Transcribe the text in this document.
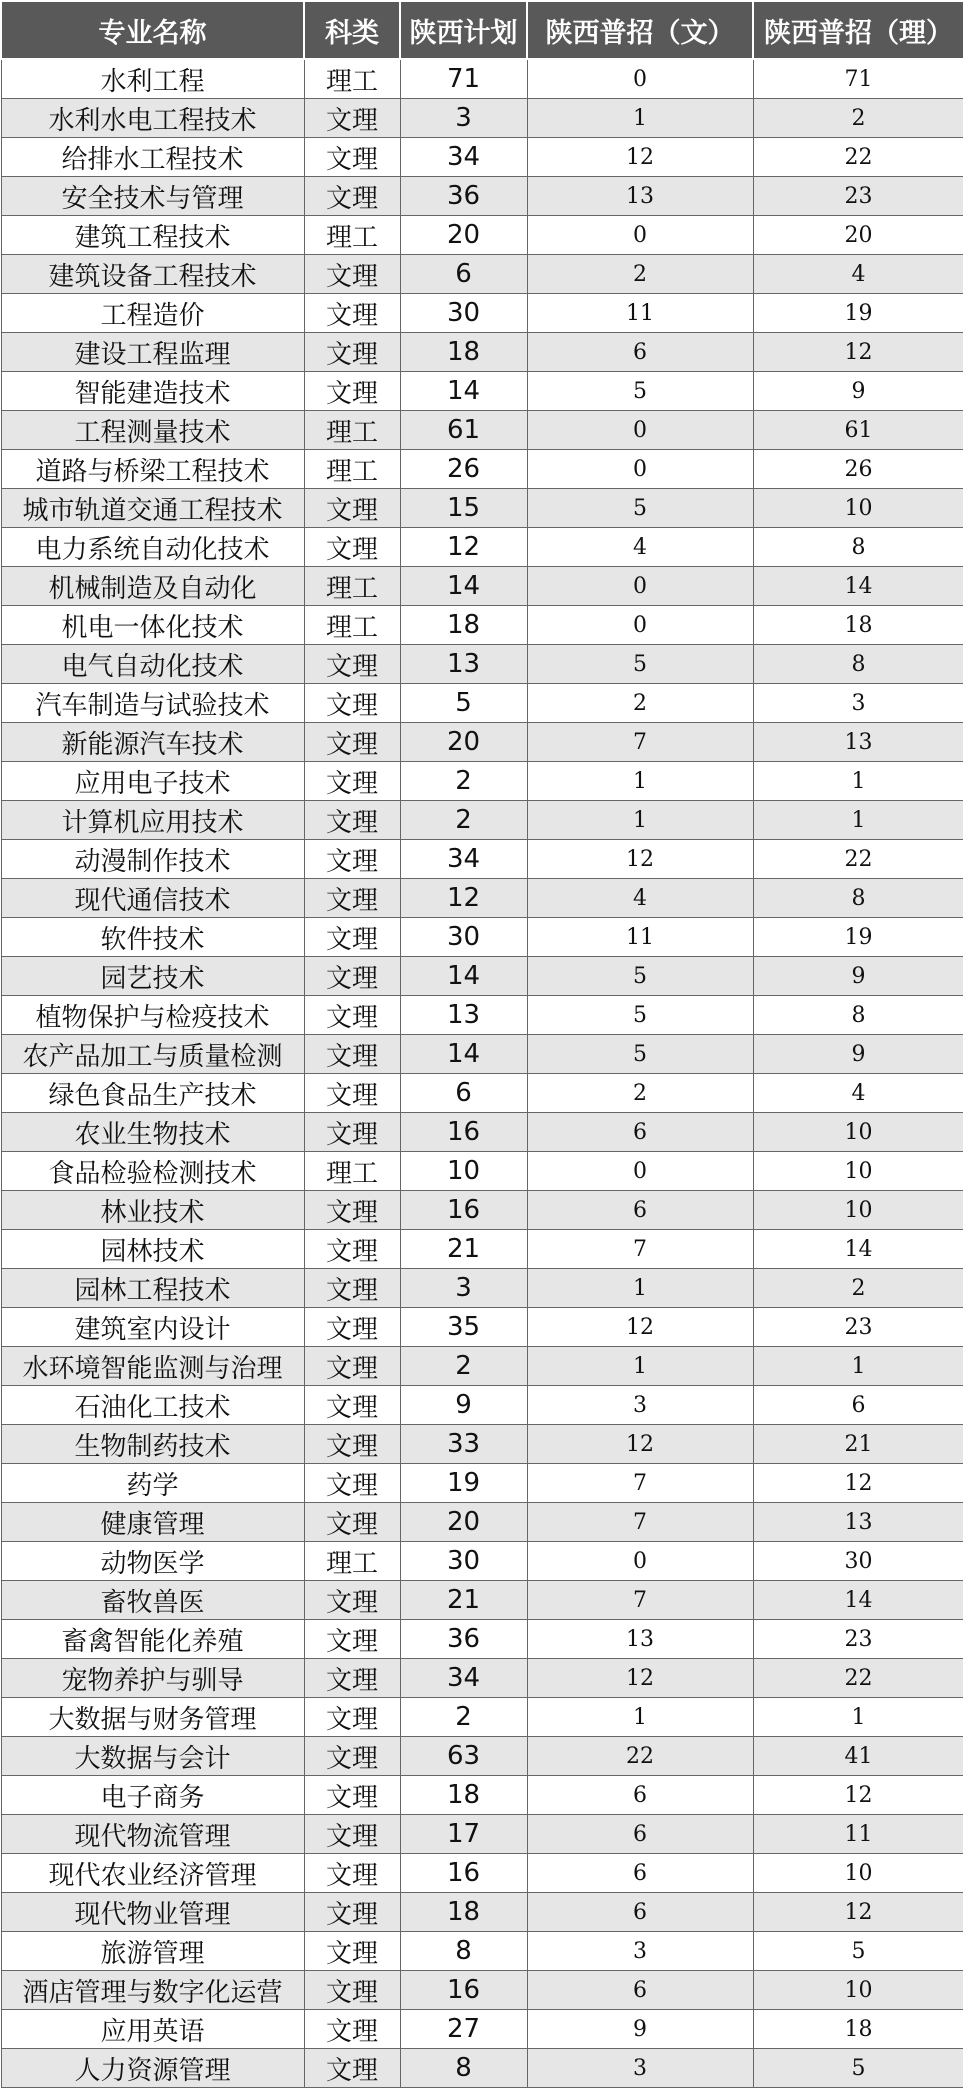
专业名称	科类	陕西计划	陕西普招（文）	陕西普招（理）
水利工程	理工	71	0	71
水利水电工程技术	文理	3	1	2
给排水工程技术	文理	34	12	22
安全技术与管理	文理	36	13	23
建筑工程技术	理工	20	0	20
建筑设备工程技术	文理	6	2	4
工程造价	文理	30	11	19
建设工程监理	文理	18	6	12
智能建造技术	文理	14	5	9
工程测量技术	理工	61	0	61
道路与桥梁工程技术	理工	26	0	26
城市轨道交通工程技术	文理	15	5	10
电力系统自动化技术	文理	12	4	8
机械制造及自动化	理工	14	0	14
机电一体化技术	理工	18	0	18
电气自动化技术	文理	13	5	8
汽车制造与试验技术	文理	5	2	3
新能源汽车技术	文理	20	7	13
应用电子技术	文理	2	1	1
计算机应用技术	文理	2	1	1
动漫制作技术	文理	34	12	22
现代通信技术	文理	12	4	8
软件技术	文理	30	11	19
园艺技术	文理	14	5	9
植物保护与检疫技术	文理	13	5	8
农产品加工与质量检测	文理	14	5	9
绿色食品生产技术	文理	6	2	4
农业生物技术	文理	16	6	10
食品检验检测技术	理工	10	0	10
林业技术	文理	16	6	10
园林技术	文理	21	7	14
园林工程技术	文理	3	1	2
建筑室内设计	文理	35	12	23
水环境智能监测与治理	文理	2	1	1
石油化工技术	文理	9	3	6
生物制药技术	文理	33	12	21
药学	文理	19	7	12
健康管理	文理	20	7	13
动物医学	理工	30	0	30
畜牧兽医	文理	21	7	14
畜禽智能化养殖	文理	36	13	23
宠物养护与驯导	文理	34	12	22
大数据与财务管理	文理	2	1	1
大数据与会计	文理	63	22	41
电子商务	文理	18	6	12
现代物流管理	文理	17	6	11
现代农业经济管理	文理	16	6	10
现代物业管理	文理	18	6	12
旅游管理	文理	8	3	5
酒店管理与数字化运营	文理	16	6	10
应用英语	文理	27	9	18
人力资源管理	文理	8	3	5
